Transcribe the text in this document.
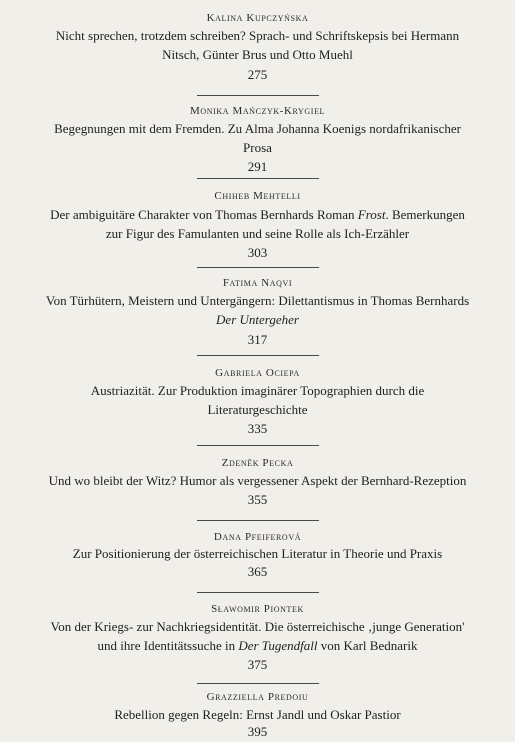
Kalina Kupczyńska
Nicht sprechen, trotzdem schreiben? Sprach- und Schriftskepsis bei Hermann
Nitsch, Günter Brus und Otto Muehl
275
Monika Mańczyk-Krygiel
Begegnungen mit dem Fremden. Zu Alma Johanna Koenigs nordafrikanischer
Prosa
291
Chiheb Mehtelli
Der ambiguitäre Charakter von Thomas Bernhards Roman Frost. Bemerkungen
zur Figur des Famulanten und seine Rolle als Ich-Erzähler
303
Fatima Naqvi
Von Türhütern, Meistern und Untergängern: Dilettantismus in Thomas Bernhards
Der Untergeher
317
Gabriela Ociepa
Austriazität. Zur Produktion imaginärer Topographien durch die
Literaturgeschichte
335
Zdeněk Pecka
Und wo bleibt der Witz? Humor als vergessener Aspekt der Bernhard-Rezeption
355
Dana Pfeiferová
Zur Positionierung der österreichischen Literatur in Theorie und Praxis
365
Sławomir Piontek
Von der Kriegs- zur Nachkriegsidentität. Die österreichische ‚junge Generation'
und ihre Identitätssuche in Der Tugendfall von Karl Bednarik
375
Grazziella Predoiu
Rebellion gegen Regeln: Ernst Jandl und Oskar Pastior
395
